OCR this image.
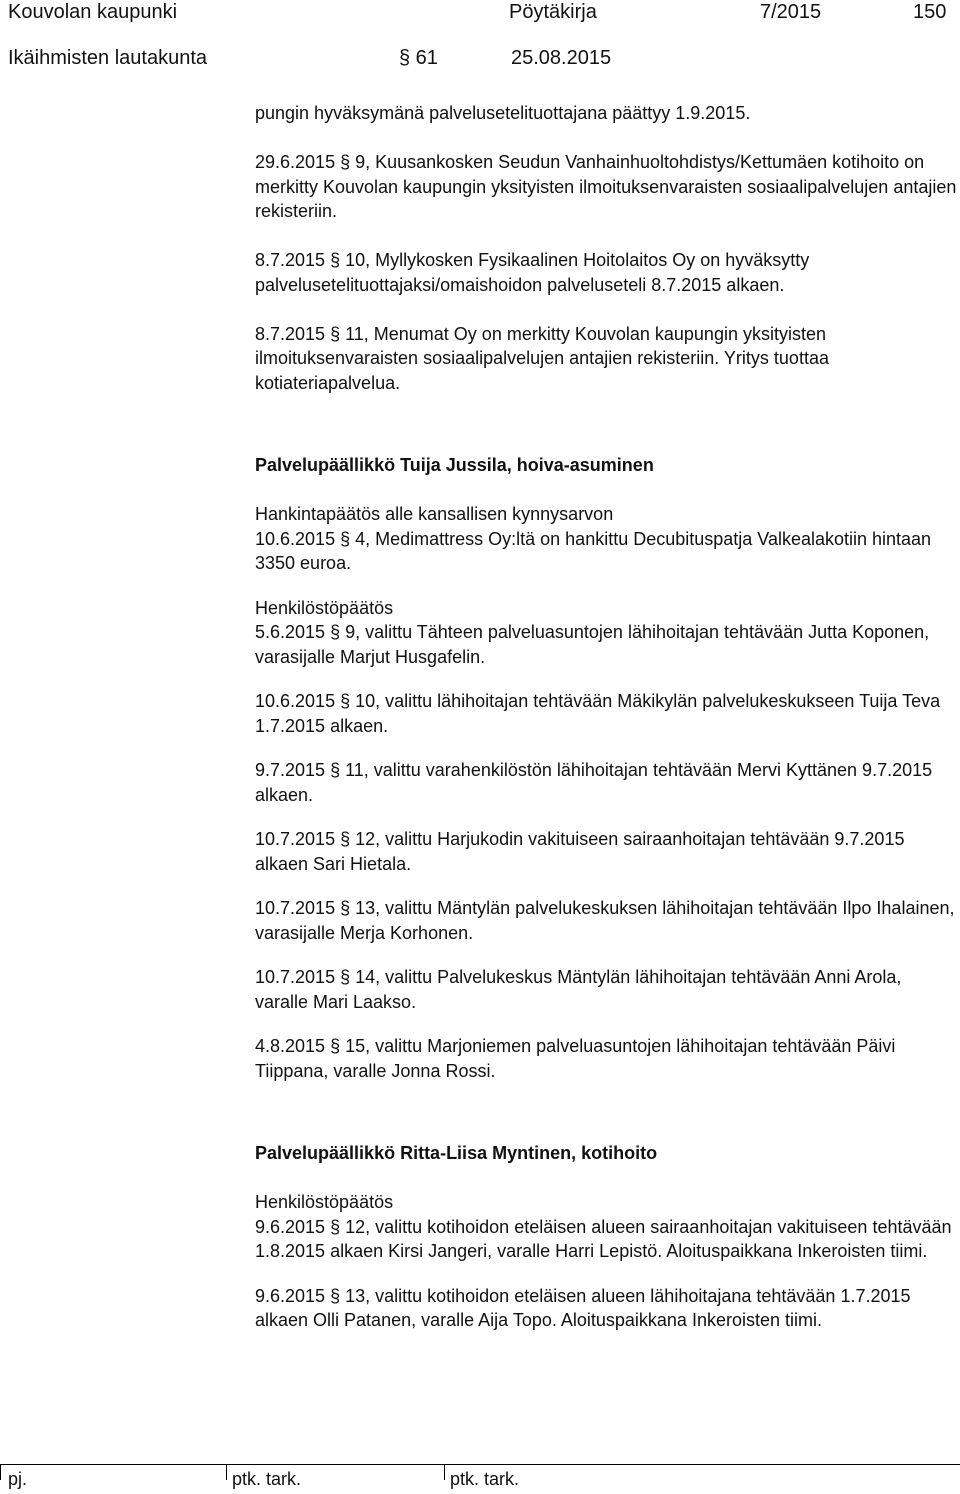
Kouvolan kaupunki	Pöytäkirja	7/2015	150
Ikäihmisten lautakunta	§ 61	25.08.2015

pungin hyväksymänä palvelusetelituottajana päättyy 1.9.2015.

29.6.2015 § 9, Kuusankosken Seudun Vanhainhuoltohdistys/Kettumäen kotihoito on merkitty Kouvolan kaupungin yksityisten ilmoituksenvaraisten sosiaalipalvelujen antajien rekisteriin.

8.7.2015 § 10, Myllykosken Fysikaalinen Hoitolaitos Oy on hyväksytty palvelusetelituottajaksi/omaishoidon palveluseteli 8.7.2015 alkaen.

8.7.2015 § 11, Menumat Oy on merkitty Kouvolan kaupungin yksityisten ilmoituksenvaraisten sosiaalipalvelujen antajien rekisteriin. Yritys tuottaa kotiateriapalvelua.

Palvelupäällikkö Tuija Jussila, hoiva-asuminen

Hankintapäätös alle kansallisen kynnysarvon

10.6.2015 § 4, Medimattress Oy:ltä on hankittu Decubituspatja Valkealakotiin hintaan 3350 euroa.

Henkilöstöpäätös

5.6.2015 § 9, valittu Tähteen palveluasuntojen lähihoitajan tehtävään Jutta Koponen, varasijalle Marjut Husgafelin.

10.6.2015 § 10, valittu lähihoitajan tehtävään Mäkikylän palvelukeskukseen Tuija Teva 1.7.2015 alkaen.

9.7.2015 § 11, valittu varahenkilöstön lähihoitajan tehtävään Mervi Kyttänen 9.7.2015 alkaen.

10.7.2015 § 12, valittu Harjukodin vakituiseen sairaanhoitajan tehtävään 9.7.2015 alkaen Sari Hietala.

10.7.2015 § 13, valittu Mäntylän palvelukeskuksen lähihoitajan tehtävään Ilpo Ihalainen, varasijalle Merja Korhonen.

10.7.2015 § 14, valittu Palvelukeskus Mäntylän lähihoitajan tehtävään Anni Arola, varalle Mari Laakso.

4.8.2015 § 15, valittu Marjoniemen palveluasuntojen lähihoitajan tehtävään Päivi Tiippana, varalle Jonna Rossi.

Palvelupäällikkö Ritta-Liisa Myntinen, kotihoito

Henkilöstöpäätös

9.6.2015 § 12, valittu kotihoidon eteläisen alueen sairaanhoitajan vakituiseen tehtävään 1.8.2015 alkaen Kirsi Jangeri, varalle Harri Lepistö. Aloituspaikkana Inkeroisten tiimi.

9.6.2015 § 13, valittu kotihoidon eteläisen alueen lähihoitajana tehtävään 1.7.2015 alkaen Olli Patanen, varalle Aija Topo. Aloituspaikkana Inkeroisten tiimi.

pj.	ptk. tark.	ptk. tark.
